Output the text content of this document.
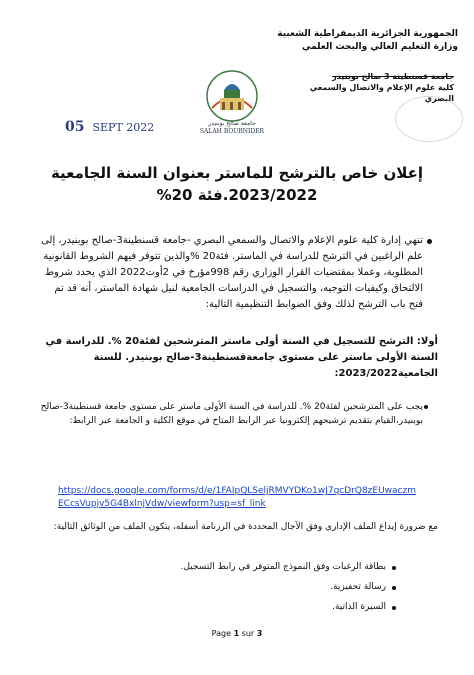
الجمهورية الجزائرية الديمقراطية الشعبية
وزارة التعليم العالي والبحث العلمي
جامعة قسنطينة 3 صالح بوبنيدر
كلية علوم الإعلام والاتصال والسمعي البصري
جامعة صالح بوبنيدر
SALAH BOUBNIDER
05 SEPT 2022
إعلان خاص بالترشح للماستر بعنوان السنة الجامعية 2023/2022.فئة 20%
تنهي إدارة كلية علوم الإعلام والاتصال والسمعي البصري -جامعة قسنطينة3-صالح بوبنيدر، إلى علم الراغبين في الترشح للدراسة في الماستر. فئة20 %والذين تتوفر فيهم الشروط القانونية المطلوبة، وعملا بمقتضيات القرار الوزاري رقم 998مؤرخ في 2أوت2022 الذي يحدد شروط الالتحاق وكيفيات التوجيه، والتسجيل في الدراسات الجامعية لنيل شهادة الماستر، أنه قد تم فتح باب الترشح لذلك وفق الضوابط التنظيمية التالية:
أولا: الترشح للتسجيل في السنة أولى ماستر المترشحين لفئة20 %. للدراسة في السنة الأولى ماستر على مستوى جامعةقسنطينة3-صالح بوبنيدر. للسنة الجامعية2023/2022:
يجب على المترشحين لفئة20 %. للدراسة في السنة الأولى ماستر على مستوى جامعة قسنطينة3-صالح بوبنيدر،القيام بتقديم ترشيحهم إلكترونيا عبر الرابط المتاح في موقع الكلية و الجامعة عبر الرابط:
https://docs.google.com/forms/d/e/1FAIpQLSeljRMVYDKo1wJ7qcDrQ8zEUwaczmECcsVupjv5G4BxlnjVdw/viewform?usp=sf_link
مع ضرورة إيداع الملف الإداري وفق الآجال المحددة في الرزنامة أسفله، يتكون الملف من الوثائق التالية:
بطاقة الرغبات وفق النموذج المتوفر في رابط التسجيل.
رسالة تحفيزية.
السيرة الذاتية.
Page 1 sur 3
